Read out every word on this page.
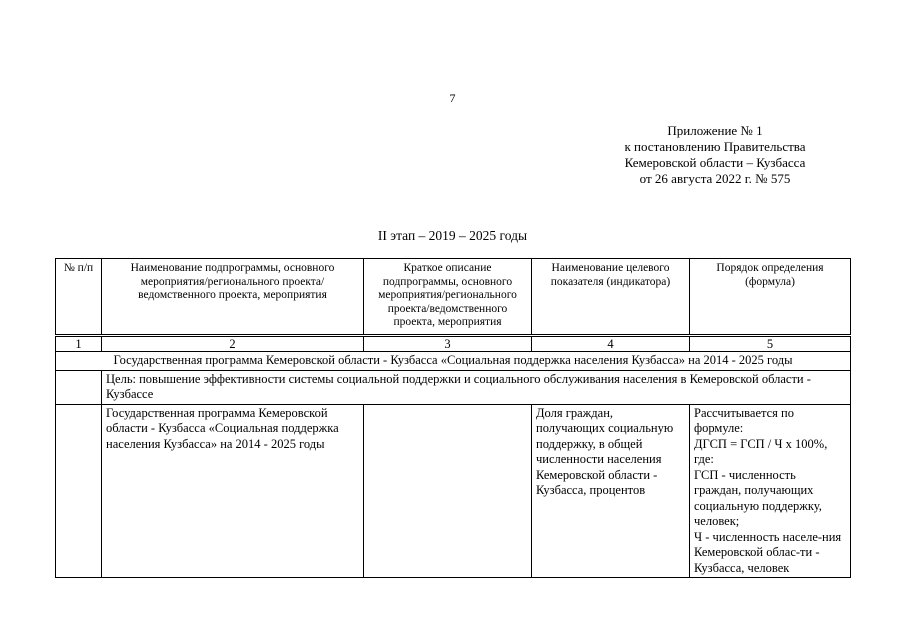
7
Приложение № 1
к постановлению Правительства
Кемеровской области – Кузбасса
от 26 августа 2022 г. № 575
II этап – 2019 – 2025 годы
№ п/п	Наименование подпрограммы, основного мероприятия/регионального проекта/ведомственного проекта, мероприятия	Краткое описание подпрограммы, основного мероприятия/регионального проекта/ведомственного проекта, мероприятия	Наименование целевого показателя (индикатора)	Порядок определения (формула)
1	2	3	4	5
Государственная программа Кемеровской области - Кузбасса «Социальная поддержка населения Кузбасса» на 2014 - 2025 годы				
	Цель: повышение эффективности системы социальной поддержки и социального обслуживания населения в Кемеровской области - Кузбассе			
	Государственная программа Кемеровской области - Кузбасса «Социальная поддержка населения Кузбасса» на 2014 - 2025 годы		Доля граждан, получающих социальную поддержку, в общей численности населения Кемеровской области - Кузбасса, процентов	Рассчитывается по формуле:
ДГСП = ГСП / Ч x 100%,
где:
ГСП - численность граждан, получающих социальную поддержку, человек;
Ч - численность населе-ния Кемеровской облас-ти - Кузбасса, человек
